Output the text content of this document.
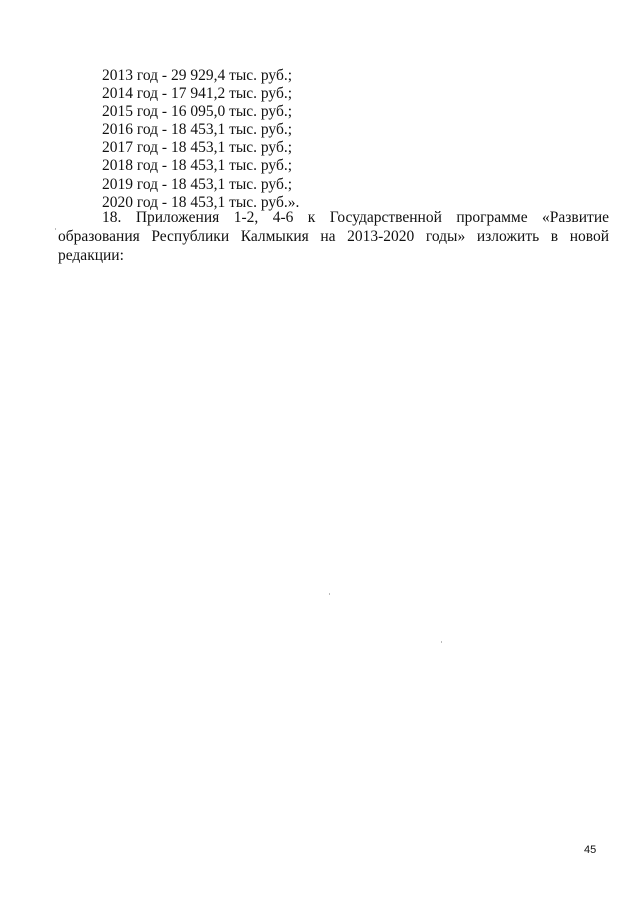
2013 год - 29 929,4 тыс. руб.;
2014 год - 17 941,2 тыс. руб.;
2015 год - 16 095,0 тыс. руб.;
2016 год - 18 453,1 тыс. руб.;
2017 год - 18 453,1 тыс. руб.;
2018 год - 18 453,1 тыс. руб.;
2019 год - 18 453,1 тыс. руб.;
2020 год - 18 453,1 тыс. руб.».

18. Приложения 1-2, 4-6 к Государственной программе «Развитие
образования Республики Калмыкия на 2013-2020 годы» изложить в новой
редакции:

45
